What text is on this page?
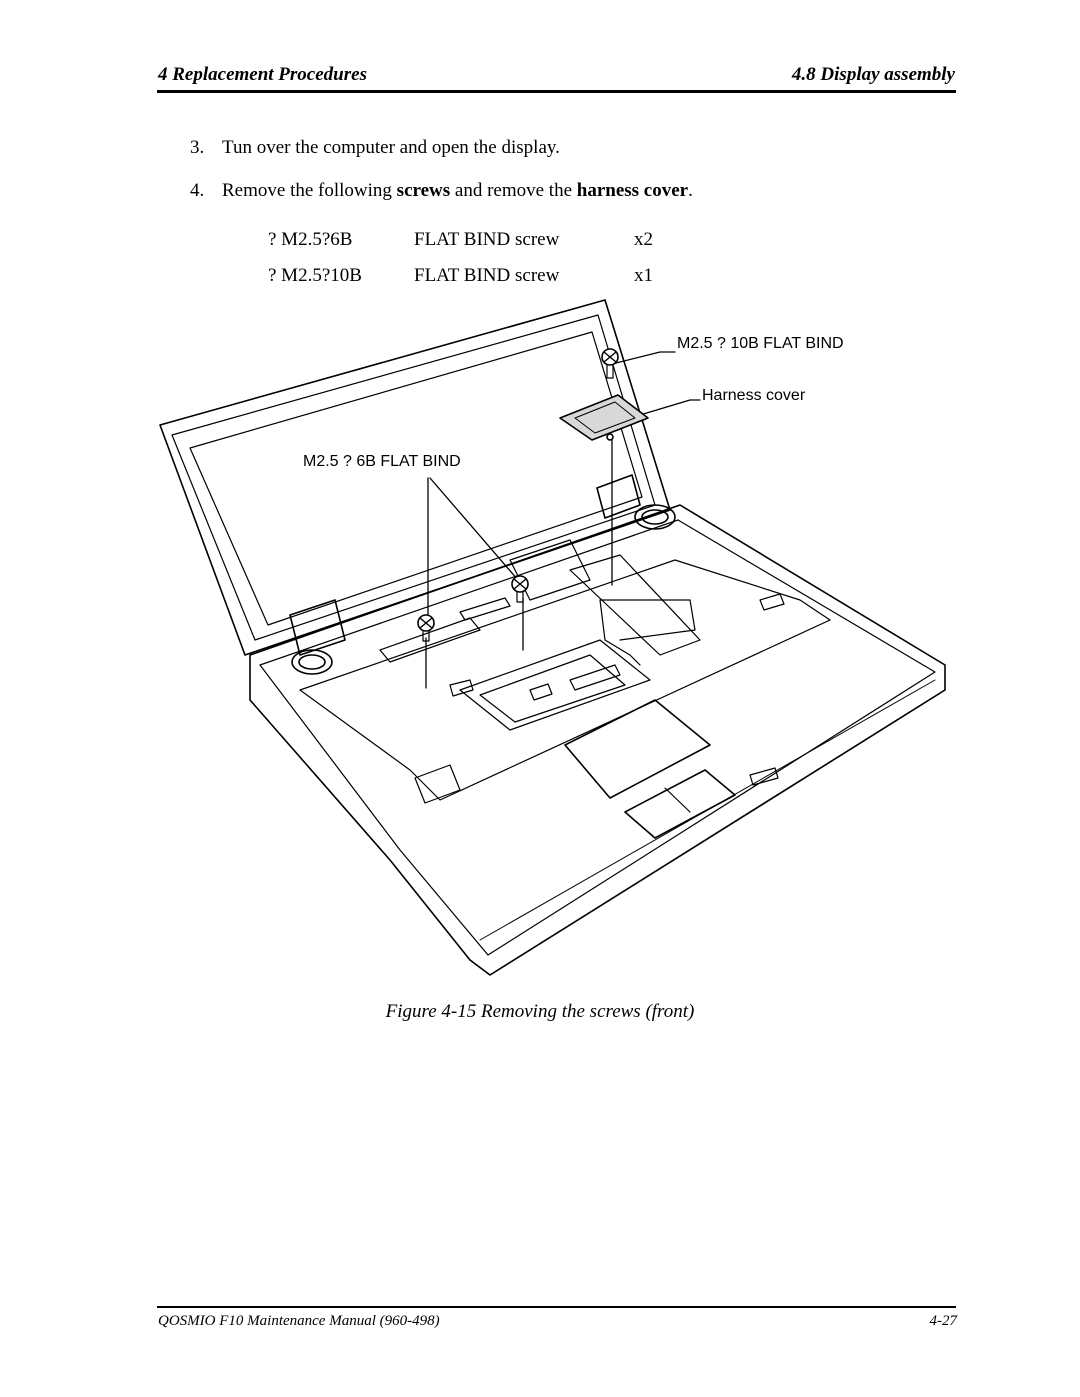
4 Replacement Procedures	4.8 Display assembly
3. Tun over the computer and open the display.
4. Remove the following screws and remove the harness cover.
? M2.5?6B	FLAT BIND screw	x2
? M2.5?10B	FLAT BIND screw	x1
M2.5 ? 10B FLAT BIND
Harness cover
M2.5 ? 6B FLAT BIND
Figure 4-15 Removing the screws (front)
QOSMIO F10 Maintenance Manual (960-498)	4-27
